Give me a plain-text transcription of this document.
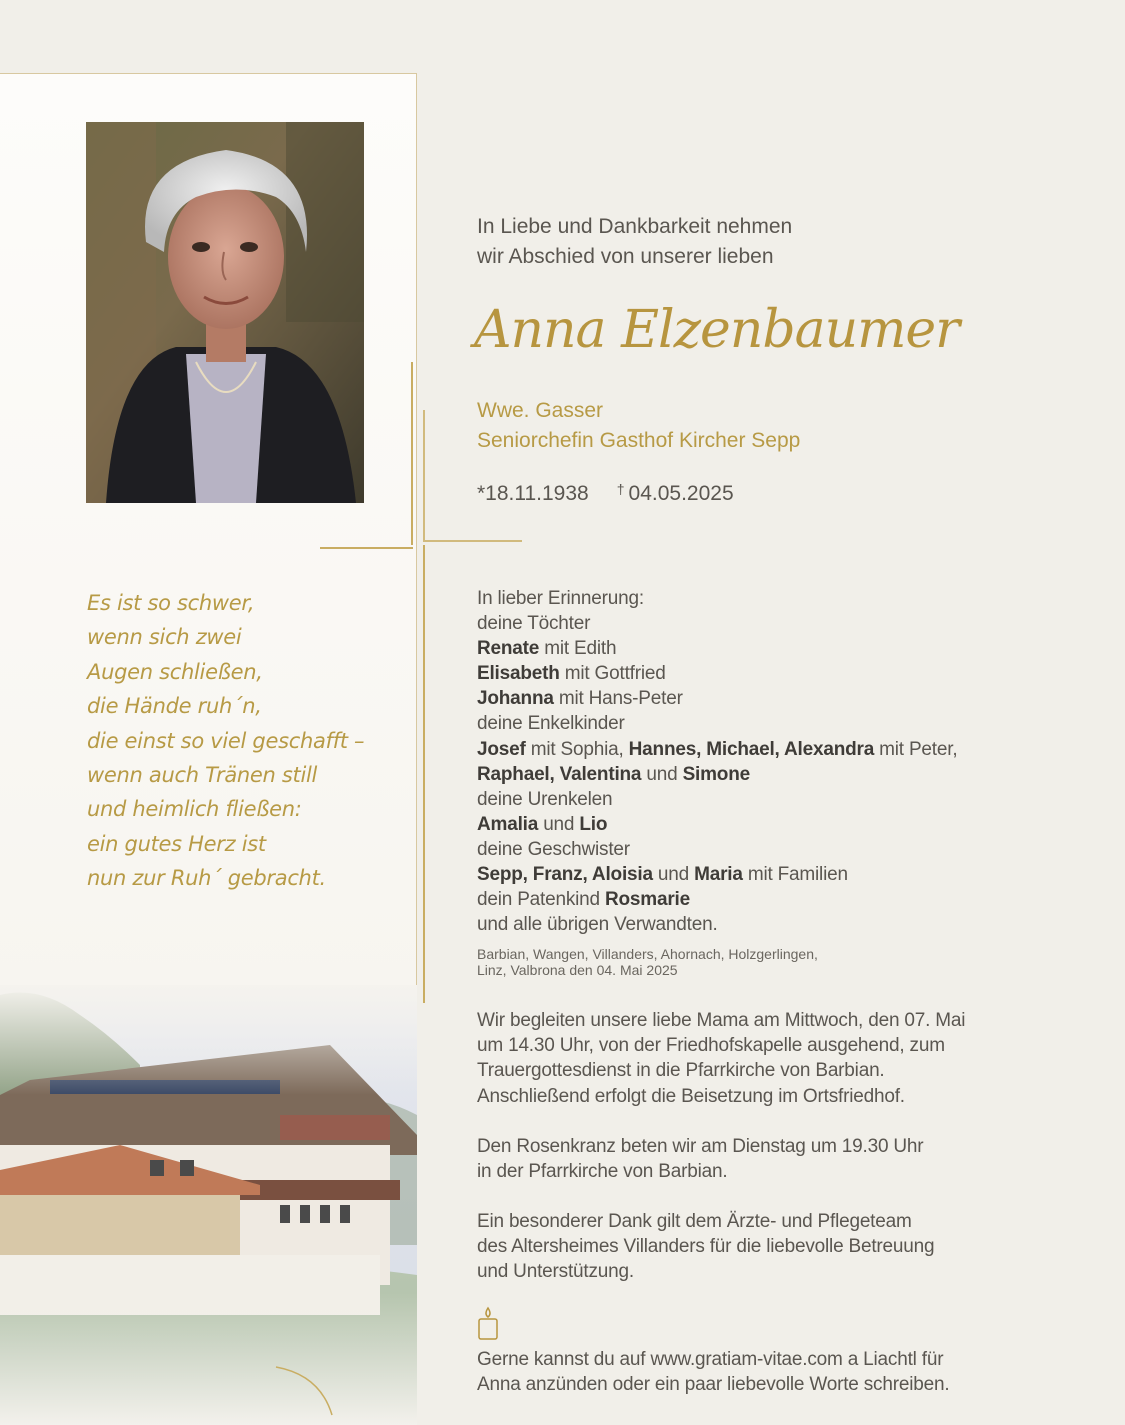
Es ist so schwer,
wenn sich zwei
Augen schließen,
die Hände ruh´n,
die einst so viel geschafft –
wenn auch Tränen still
und heimlich fließen:
ein gutes Herz ist
nun zur Ruh´ gebracht.
In Liebe und Dankbarkeit nehmen
wir Abschied von unserer lieben
Anna Elzenbaumer
Wwe. Gasser
Seniorchefin Gasthof Kircher Sepp
*18.11.1938 † 04.05.2025
In lieber Erinnerung:
deine Töchter
Renate mit Edith
Elisabeth mit Gottfried
Johanna mit Hans-Peter
deine Enkelkinder
Josef mit Sophia, Hannes, Michael, Alexandra mit Peter,
Raphael, Valentina und Simone
deine Urenkelen
Amalia und Lio
deine Geschwister
Sepp, Franz, Aloisia und Maria mit Familien
dein Patenkind Rosmarie
und alle übrigen Verwandten.
Barbian, Wangen, Villanders, Ahornach, Holzgerlingen,
Linz, Valbrona den 04. Mai 2025
Wir begleiten unsere liebe Mama am Mittwoch, den 07. Mai
um 14.30 Uhr, von der Friedhofskapelle ausgehend, zum
Trauergottesdienst in die Pfarrkirche von Barbian.
Anschließend erfolgt die Beisetzung im Ortsfriedhof.
Den Rosenkranz beten wir am Dienstag um 19.30 Uhr
in der Pfarrkirche von Barbian.
Ein besonderer Dank gilt dem Ärzte- und Pflegeteam
des Altersheimes Villanders für die liebevolle Betreuung
und Unterstützung.
Gerne kannst du auf www.gratiam-vitae.com a Liachtl für
Anna anzünden oder ein paar liebevolle Worte schreiben.
